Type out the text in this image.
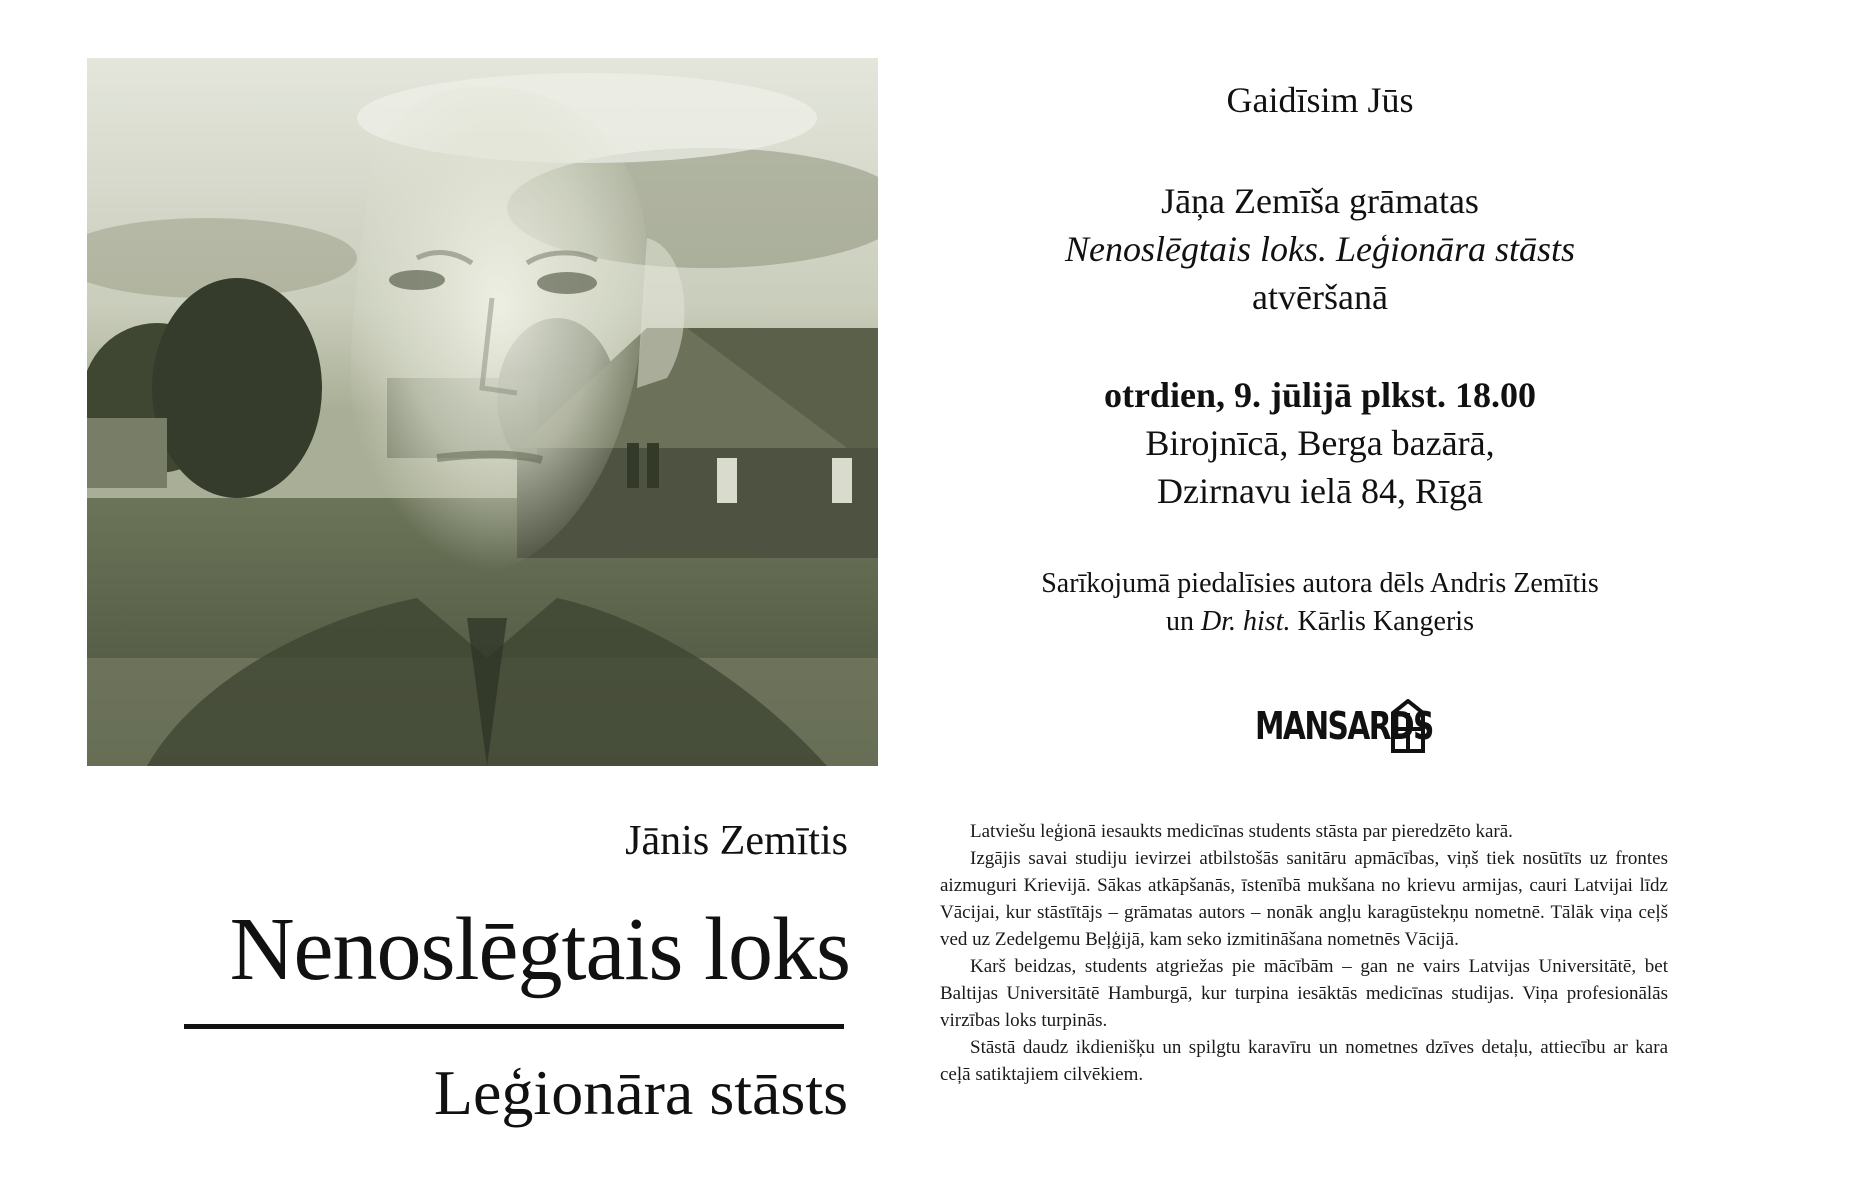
Jānis Zemītis
Nenoslēgtais loks
Leģionāra stāsts
Gaidīsim Jūs
Jāņa Zemīša grāmatas
Nenoslēgtais loks. Leģionāra stāsts
atvēršanā
otrdien, 9. jūlijā plkst. 18.00
Birojnīcā, Berga bazārā,
Dzirnavu ielā 84, Rīgā
Sarīkojumā piedalīsies autora dēls Andris Zemītis
un Dr. hist. Kārlis Kangeris
MANSARDS

Latviešu leģionā iesaukts medicīnas students stāsta par pieredzēto karā.

Izgājis savai studiju ievirzei atbilstošās sanitāru apmācības, viņš tiek nosūtīts uz frontes aizmuguri Krievijā. Sākas atkāpšanās, īstenībā mukšana no krievu armijas, cauri Latvijai līdz Vācijai, kur stāstītājs – grāmatas autors – nonāk angļu karagūstekņu nometnē. Tālāk viņa ceļš ved uz Zedelgemu Beļģijā, kam seko izmitināšana nometnēs Vācijā.

Karš beidzas, students atgriežas pie mācībām – gan ne vairs Latvijas Universitātē, bet Baltijas Universitātē Hamburgā, kur turpina iesāktās medicīnas studijas. Viņa profesionālās virzības loks turpinās.

Stāstā daudz ikdienišķu un spilgtu karavīru un nometnes dzīves detaļu, attiecību ar kara ceļā satiktajiem cilvēkiem.
